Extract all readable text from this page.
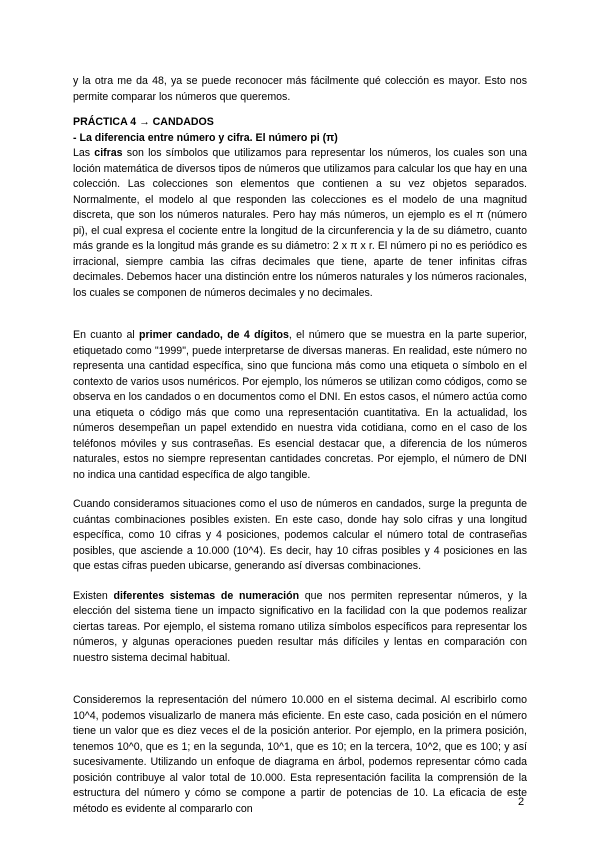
y la otra me da 48, ya se puede reconocer más fácilmente qué colección es mayor. Esto nos permite comparar los números que queremos.

PRÁCTICA 4 → CANDADOS
- La diferencia entre número y cifra. El número pi (π)

Las cifras son los símbolos que utilizamos para representar los números, los cuales son una loción matemática de diversos tipos de números que utilizamos para calcular los que hay en una colección. Las colecciones son elementos que contienen a su vez objetos separados. Normalmente, el modelo al que responden las colecciones es el modelo de una magnitud discreta, que son los números naturales. Pero hay más números, un ejemplo es el π (número pi), el cual expresa el cociente entre la longitud de la circunferencia y la de su diámetro, cuanto más grande es la longitud más grande es su diámetro: 2 x π x r. El número pi no es periódico es irracional, siempre cambia las cifras decimales que tiene, aparte de tener infinitas cifras decimales. Debemos hacer una distinción entre los números naturales y los números racionales, los cuales se componen de números decimales y no decimales.

En cuanto al primer candado, de 4 dígitos, el número que se muestra en la parte superior, etiquetado como "1999", puede interpretarse de diversas maneras. En realidad, este número no representa una cantidad específica, sino que funciona más como una etiqueta o símbolo en el contexto de varios usos numéricos. Por ejemplo, los números se utilizan como códigos, como se observa en los candados o en documentos como el DNI. En estos casos, el número actúa como una etiqueta o código más que como una representación cuantitativa. En la actualidad, los números desempeñan un papel extendido en nuestra vida cotidiana, como en el caso de los teléfonos móviles y sus contraseñas. Es esencial destacar que, a diferencia de los números naturales, estos no siempre representan cantidades concretas. Por ejemplo, el número de DNI no indica una cantidad específica de algo tangible.

Cuando consideramos situaciones como el uso de números en candados, surge la pregunta de cuántas combinaciones posibles existen. En este caso, donde hay solo cifras y una longitud específica, como 10 cifras y 4 posiciones, podemos calcular el número total de contraseñas posibles, que asciende a 10.000 (10^4). Es decir, hay 10 cifras posibles y 4 posiciones en las que estas cifras pueden ubicarse, generando así diversas combinaciones.

Existen diferentes sistemas de numeración que nos permiten representar números, y la elección del sistema tiene un impacto significativo en la facilidad con la que podemos realizar ciertas tareas. Por ejemplo, el sistema romano utiliza símbolos específicos para representar los números, y algunas operaciones pueden resultar más difíciles y lentas en comparación con nuestro sistema decimal habitual.

Consideremos la representación del número 10.000 en el sistema decimal. Al escribirlo como 10^4, podemos visualizarlo de manera más eficiente. En este caso, cada posición en el número tiene un valor que es diez veces el de la posición anterior. Por ejemplo, en la primera posición, tenemos 10^0, que es 1; en la segunda, 10^1, que es 10; en la tercera, 10^2, que es 100; y así sucesivamente. Utilizando un enfoque de diagrama en árbol, podemos representar cómo cada posición contribuye al valor total de 10.000. Esta representación facilita la comprensión de la estructura del número y cómo se compone a partir de potencias de 10. La eficacia de este método es evidente al compararlo con

2
